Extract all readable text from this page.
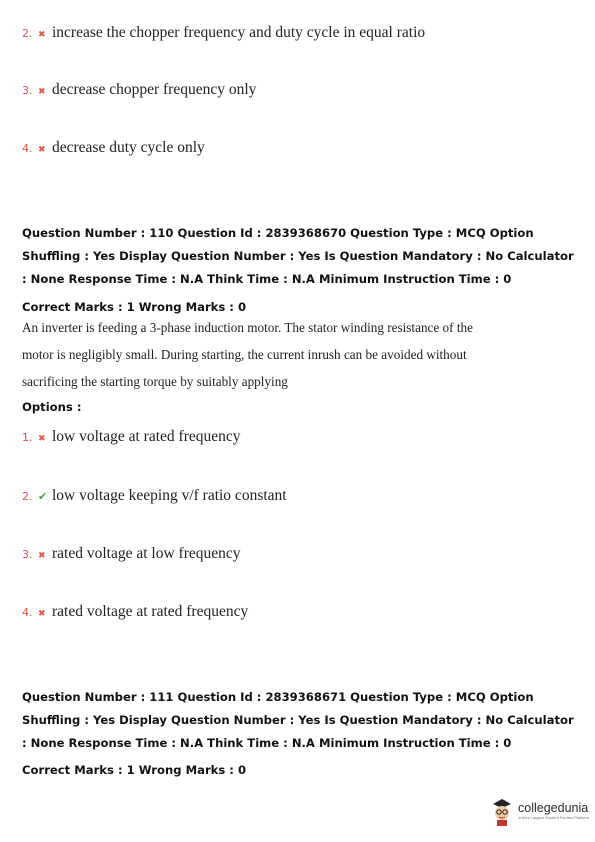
2. ✖ increase the chopper frequency and duty cycle in equal ratio
3. ✖ decrease chopper frequency only
4. ✖ decrease duty cycle only

Question Number : 110 Question Id : 2839368670 Question Type : MCQ Option Shuffling : Yes Display Question Number : Yes Is Question Mandatory : No Calculator : None Response Time : N.A Think Time : N.A Minimum Instruction Time : 0

Correct Marks : 1 Wrong Marks : 0

An inverter is feeding a 3-phase induction motor. The stator winding resistance of the motor is negligibly small. During starting, the current inrush can be avoided without sacrificing the starting torque by suitably applying

Options :

1. ✖ low voltage at rated frequency
2. ✔ low voltage keeping v/f ratio constant
3. ✖ rated voltage at low frequency
4. ✖ rated voltage at rated frequency

Question Number : 111 Question Id : 2839368671 Question Type : MCQ Option Shuffling : Yes Display Question Number : Yes Is Question Mandatory : No Calculator : None Response Time : N.A Think Time : N.A Minimum Instruction Time : 0

Correct Marks : 1 Wrong Marks : 0

collegedunia
India's Largest Student Review Platform
